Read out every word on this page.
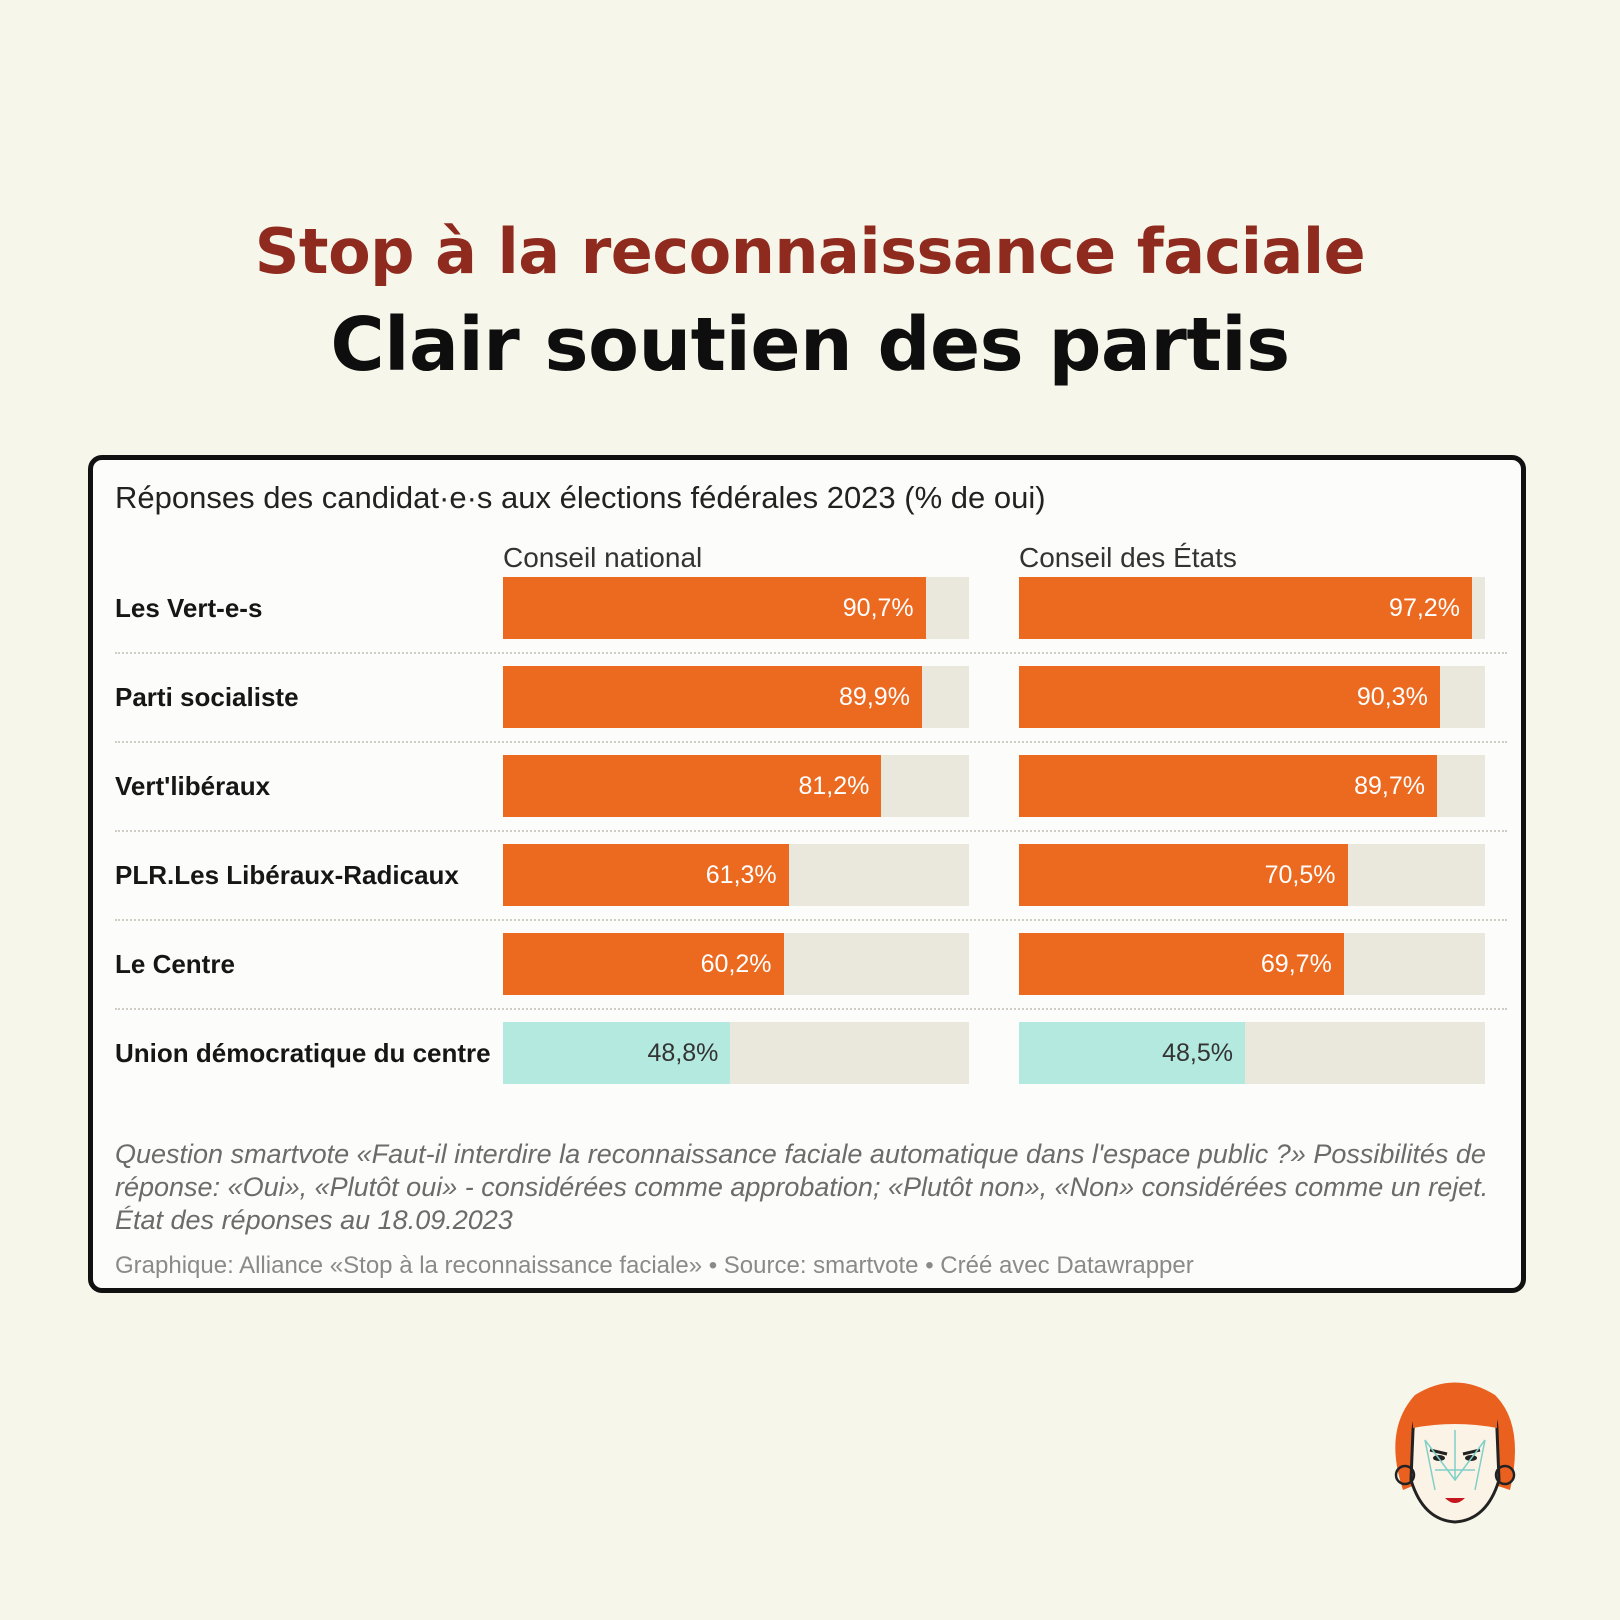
Stop à la reconnaissance faciale
Clair soutien des partis
Réponses des candidat·e·s aux élections fédérales 2023 (% de oui)
Conseil national	Conseil des États
Les Vert-e-s	90,7%	97,2%
Parti socialiste	89,9%	90,3%
Vert'libéraux	81,2%	89,7%
PLR.Les Libéraux-Radicaux	61,3%	70,5%
Le Centre	60,2%	69,7%
Union démocratique du centre	48,8%	48,5%
Question smartvote «Faut-il interdire la reconnaissance faciale automatique dans l'espace public ?» Possibilités de réponse: «Oui», «Plutôt oui» - considérées comme approbation; «Plutôt non», «Non» considérées comme un rejet. État des réponses au 18.09.2023
Graphique: Alliance «Stop à la reconnaissance faciale» • Source: smartvote • Créé avec Datawrapper
